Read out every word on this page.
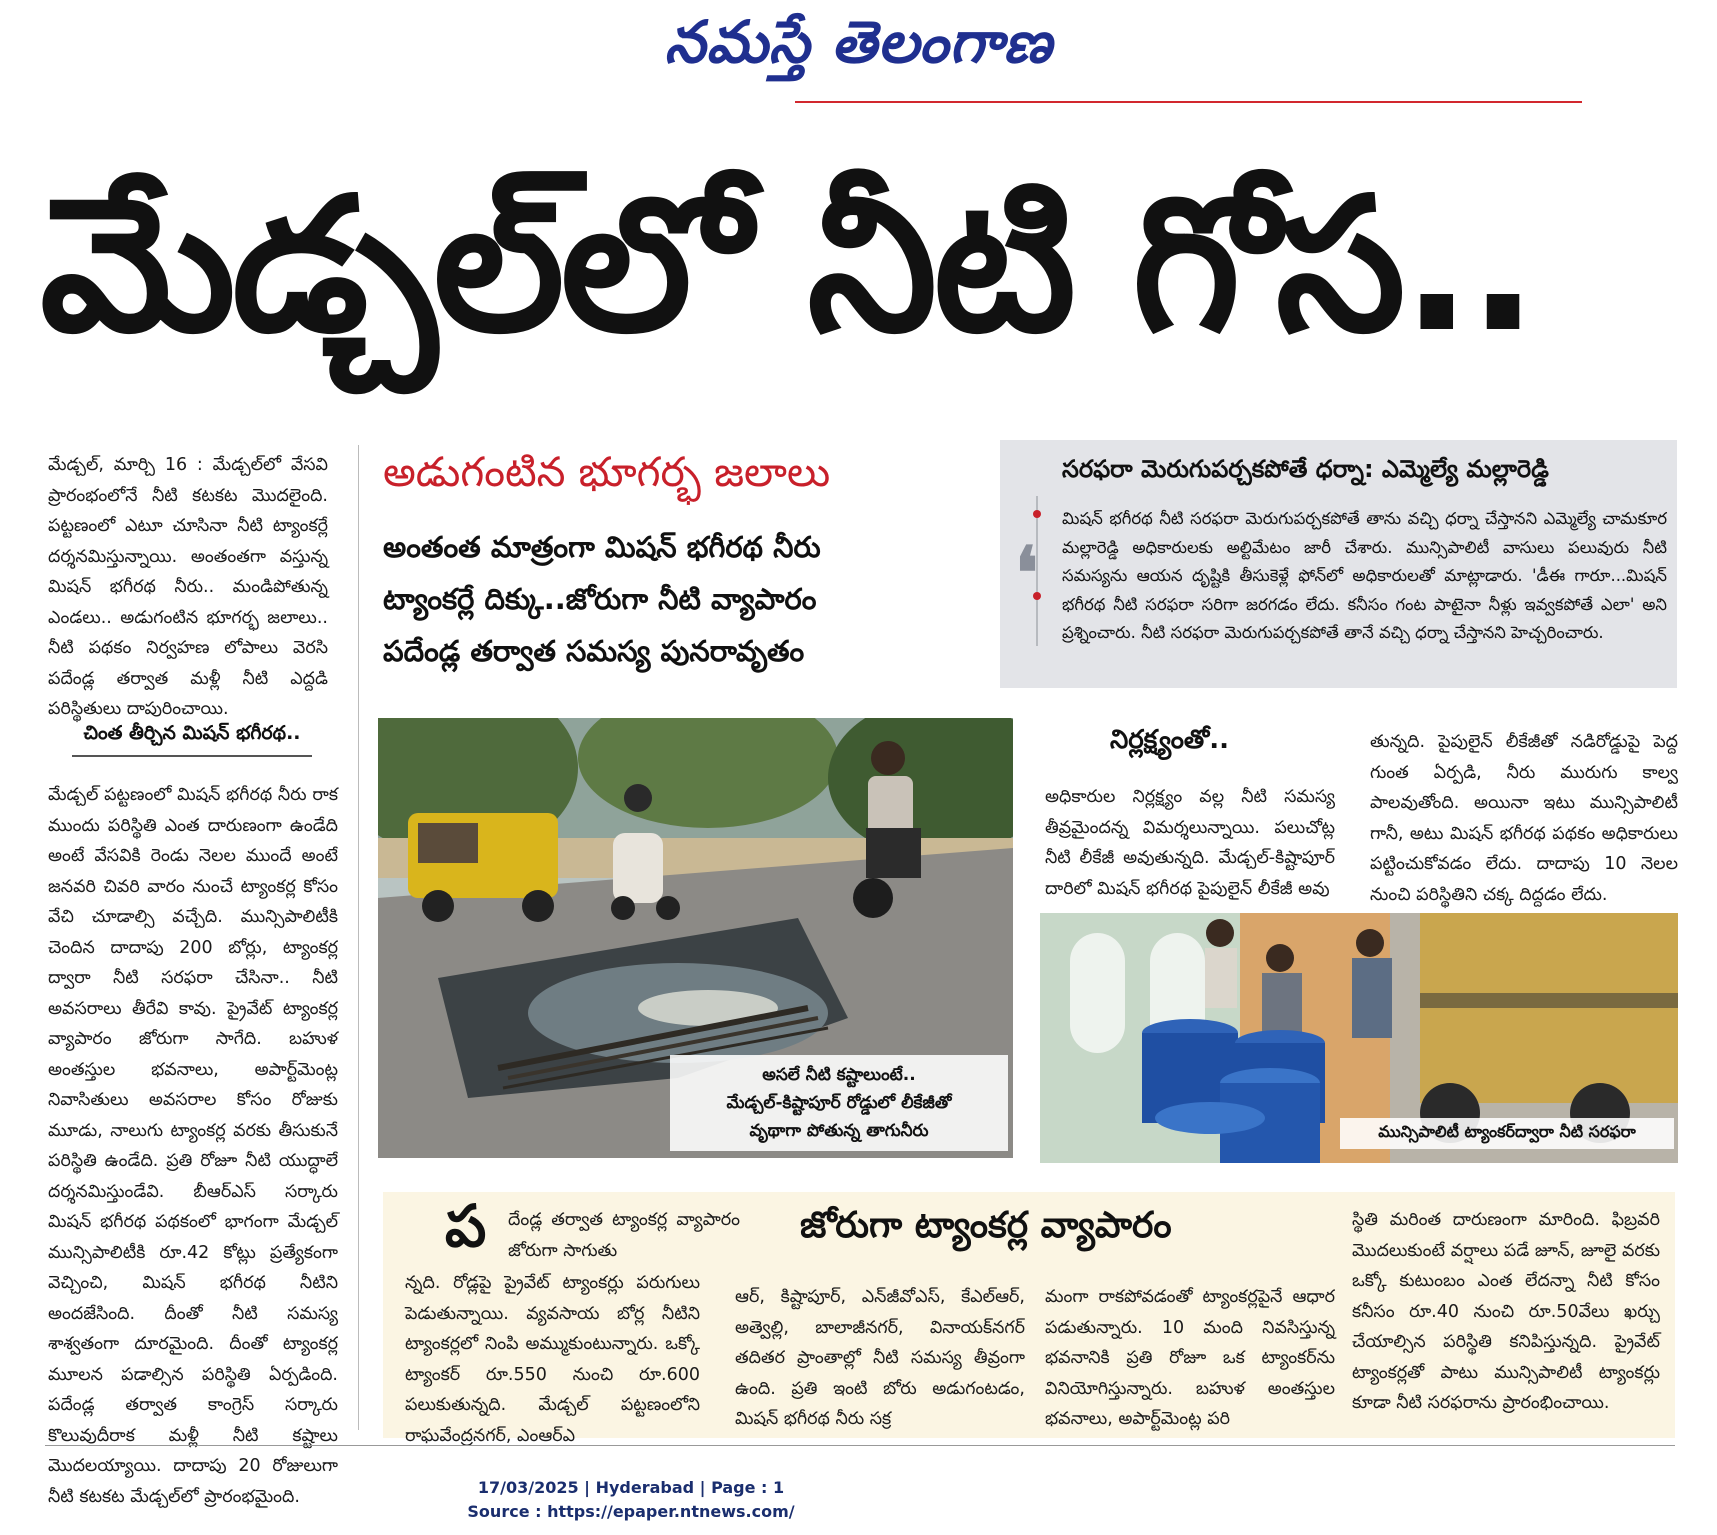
నమస్తే తెలంగాణ
మేడ్చల్‌లో నీటి గోస..
మేడ్చల్‌, మార్చి 16 : మేడ్చల్‌లో వేసవి ప్రారంభంలోనే నీటి కటకట మొదలైంది. పట్టణంలో ఎటూ చూసినా నీటి ట్యాంకర్లే దర్శనమిస్తున్నాయి. అంతంతగా వస్తున్న మిషన్‌ భగీరథ నీరు.. మండిపోతున్న ఎండలు.. అడుగంటిన భూగర్భ జలాలు.. నీటి పథకం నిర్వహణ లోపాలు వెరసి పదేండ్ల తర్వాత మళ్లీ నీటి ఎద్దడి పరిస్థితులు దాపురించాయి.
చింత తీర్చిన మిషన్‌ భగీరథ..
మేడ్చల్‌ పట్టణంలో మిషన్‌ భగీరథ నీరు రాక ముందు పరిస్థితి ఎంత దారుణంగా ఉండేది అంటే వేసవికి రెండు నెలల ముందే అంటే జనవరి చివరి వారం నుంచే ట్యాంకర్ల కోసం వేచి చూడాల్సి వచ్చేది. మున్సిపాలిటీకి చెందిన దాదాపు 200 బోర్లు, ట్యాంకర్ల ద్వారా నీటి సరఫరా చేసినా.. నీటి అవసరాలు తీరేవి కావు. ప్రైవేట్‌ ట్యాంకర్ల వ్యాపారం జోరుగా సాగేది. బహుళ అంతస్తుల భవనాలు, అపార్ట్‌మెంట్ల నివాసితులు అవసరాల కోసం రోజుకు మూడు, నాలుగు ట్యాంకర్ల వరకు తీసుకునే పరిస్థితి ఉండేది. ప్రతి రోజూ నీటి యుద్ధాలే దర్శనమిస్తుండేవి. బీఆర్‌ఎస్‌ సర్కారు మిషన్‌ భగీరథ పథకంలో భాగంగా మేడ్చల్‌ మున్సిపాలిటీకి రూ.42 కోట్లు ప్రత్యేకంగా వెచ్చించి, మిషన్‌ భగీరథ నీటిని అందజేసింది. దీంతో నీటి సమస్య శాశ్వతంగా దూరమైంది. దీంతో ట్యాంకర్ల మూలన పడాల్సిన పరిస్థితి ఏర్పడింది. పదేండ్ల తర్వాత కాంగ్రెస్‌ సర్కారు కొలువుదీరాక మళ్లీ నీటి కష్టాలు మొదలయ్యాయి. దాదాపు 20 రోజులుగా నీటి కటకట మేడ్చల్‌లో ప్రారంభమైంది.
అడుగంటిన భూగర్భ జలాలు
అంతంత మాత్రంగా మిషన్‌ భగీరథ నీరు
ట్యాంకర్లే దిక్కు..జోరుగా నీటి వ్యాపారం
పదేండ్ల తర్వాత సమస్య పునరావృతం
సరఫరా మెరుగుపర్చకపోతే ధర్నా: ఎమ్మెల్యే మల్లారెడ్డి
❛
మిషన్‌ భగీరథ నీటి సరఫరా మెరుగుపర్చకపోతే తాను వచ్చి ధర్నా చేస్తానని ఎమ్మెల్యే చామకూర మల్లారెడ్డి అధికారులకు అల్టిమేటం జారీ చేశారు. మున్సిపాలిటీ వాసులు పలువురు నీటి సమస్యను ఆయన దృష్టికి తీసుకెళ్లే ఫోన్‌లో అధికారులతో మాట్లాడారు. 'డీఈ గారూ...మిషన్‌ భగీరథ నీటి సరఫరా సరిగా జరగడం లేదు. కనీసం గంట పాటైనా నీళ్లు ఇవ్వకపోతే ఎలా' అని ప్రశ్నించారు. నీటి సరఫరా మెరుగుపర్చకపోతే తానే వచ్చి ధర్నా చేస్తానని హెచ్చరించారు.
అసలే నీటి కష్టాలుంటే..
మేడ్చల్‌-కిష్టాపూర్‌ రోడ్డులో లీకేజీతో
వృథాగా పోతున్న తాగునీరు
నిర్లక్ష్యంతో..
అధికారుల నిర్లక్ష్యం వల్ల నీటి సమస్య తీవ్రమైందన్న విమర్శలున్నాయి. పలుచోట్ల నీటి లీకేజీ అవుతున్నది. మేడ్చల్‌-కిష్టాపూర్‌ దారిలో మిషన్‌ భగీరథ పైపులైన్‌ లీకేజీ అవు
తున్నది. పైపులైన్‌ లీకేజీతో నడిరోడ్డుపై పెద్ద గుంత ఏర్పడి, నీరు మురుగు కాల్వ పాలవుతోంది. అయినా ఇటు మున్సిపాలిటీ గానీ, అటు మిషన్‌ భగీరథ పథకం అధికారులు పట్టించుకోవడం లేదు. దాదాపు 10 నెలల నుంచి పరిస్థితిని చక్క దిద్దడం లేదు.
మున్సిపాలిటీ ట్యాంకర్‌ద్వారా నీటి సరఫరా
జోరుగా ట్యాంకర్ల వ్యాపారం
ప దేండ్ల తర్వాత ట్యాంకర్ల వ్యాపారం జోరుగా సాగుతు
న్నది. రోడ్లపై ప్రైవేట్‌ ట్యాంకర్లు పరుగులు పెడుతున్నాయి. వ్యవసాయ బోర్ల నీటిని ట్యాంకర్లలో నింపి అమ్ముకుంటున్నారు. ఒక్కో ట్యాంకర్‌ రూ.550 నుంచి రూ.600 పలుకుతున్నది. మేడ్చల్‌ పట్టణంలోని రాఘవేంద్రనగర్‌, ఎంఆర్‌ఎ
ఆర్‌, కిష్టాపూర్‌, ఎన్‌జీవోఎస్‌, కేఎల్‌ఆర్‌, అత్వెల్లి, బాలాజీనగర్‌, వినాయక్‌నగర్‌ తదితర ప్రాంతాల్లో నీటి సమస్య తీవ్రంగా ఉంది. ప్రతి ఇంటి బోరు అడుగంటడం, మిషన్‌ భగీరథ నీరు సక్ర
మంగా రాకపోవడంతో ట్యాంకర్లపైనే ఆధార పడుతున్నారు. 10 మంది నివసిస్తున్న భవనానికి ప్రతి రోజూ ఒక ట్యాంకర్‌ను వినియోగిస్తున్నారు. బహుళ అంతస్తుల భవనాలు, అపార్ట్‌మెంట్ల పరి
స్థితి మరింత దారుణంగా మారింది. ఫిబ్రవరి మొదలుకుంటే వర్షాలు పడే జూన్‌, జూలై వరకు ఒక్కో కుటుంబం ఎంత లేదన్నా నీటి కోసం కనీసం రూ.40 నుంచి రూ.50వేలు ఖర్చు చేయాల్సిన పరిస్థితి కనిపిస్తున్నది. ప్రైవేట్‌ ట్యాంకర్లతో పాటు మున్సిపాలిటీ ట్యాంకర్లు కూడా నీటి సరఫరాను ప్రారంభించాయి.
17/03/2025 | Hyderabad | Page : 1
Source : https://epaper.ntnews.com/
